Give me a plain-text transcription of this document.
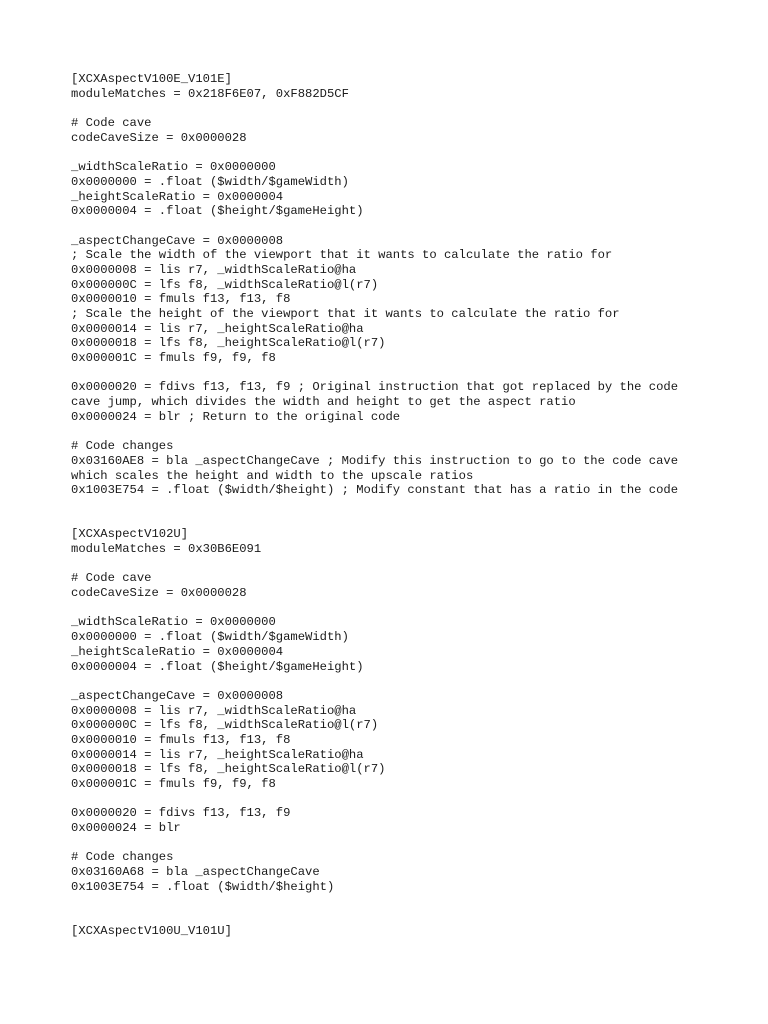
[XCXAspectV100E_V101E]
moduleMatches = 0x218F6E07, 0xF882D5CF
# Code cave
codeCaveSize = 0x0000028
_widthScaleRatio = 0x0000000
0x0000000 = .float ($width/$gameWidth)
_heightScaleRatio = 0x0000004
0x0000004 = .float ($height/$gameHeight)
_aspectChangeCave = 0x0000008
; Scale the width of the viewport that it wants to calculate the ratio for
0x0000008 = lis r7, _widthScaleRatio@ha
0x000000C = lfs f8, _widthScaleRatio@l(r7)
0x0000010 = fmuls f13, f13, f8
; Scale the height of the viewport that it wants to calculate the ratio for
0x0000014 = lis r7, _heightScaleRatio@ha
0x0000018 = lfs f8, _heightScaleRatio@l(r7)
0x000001C = fmuls f9, f9, f8
0x0000020 = fdivs f13, f13, f9 ; Original instruction that got replaced by the code
cave jump, which divides the width and height to get the aspect ratio
0x0000024 = blr ; Return to the original code
# Code changes
0x03160AE8 = bla _aspectChangeCave ; Modify this instruction to go to the code cave
which scales the height and width to the upscale ratios
0x1003E754 = .float ($width/$height) ; Modify constant that has a ratio in the code
[XCXAspectV102U]
moduleMatches = 0x30B6E091
# Code cave
codeCaveSize = 0x0000028
_widthScaleRatio = 0x0000000
0x0000000 = .float ($width/$gameWidth)
_heightScaleRatio = 0x0000004
0x0000004 = .float ($height/$gameHeight)
_aspectChangeCave = 0x0000008
0x0000008 = lis r7, _widthScaleRatio@ha
0x000000C = lfs f8, _widthScaleRatio@l(r7)
0x0000010 = fmuls f13, f13, f8
0x0000014 = lis r7, _heightScaleRatio@ha
0x0000018 = lfs f8, _heightScaleRatio@l(r7)
0x000001C = fmuls f9, f9, f8
0x0000020 = fdivs f13, f13, f9
0x0000024 = blr
# Code changes
0x03160A68 = bla _aspectChangeCave
0x1003E754 = .float ($width/$height)
[XCXAspectV100U_V101U]
